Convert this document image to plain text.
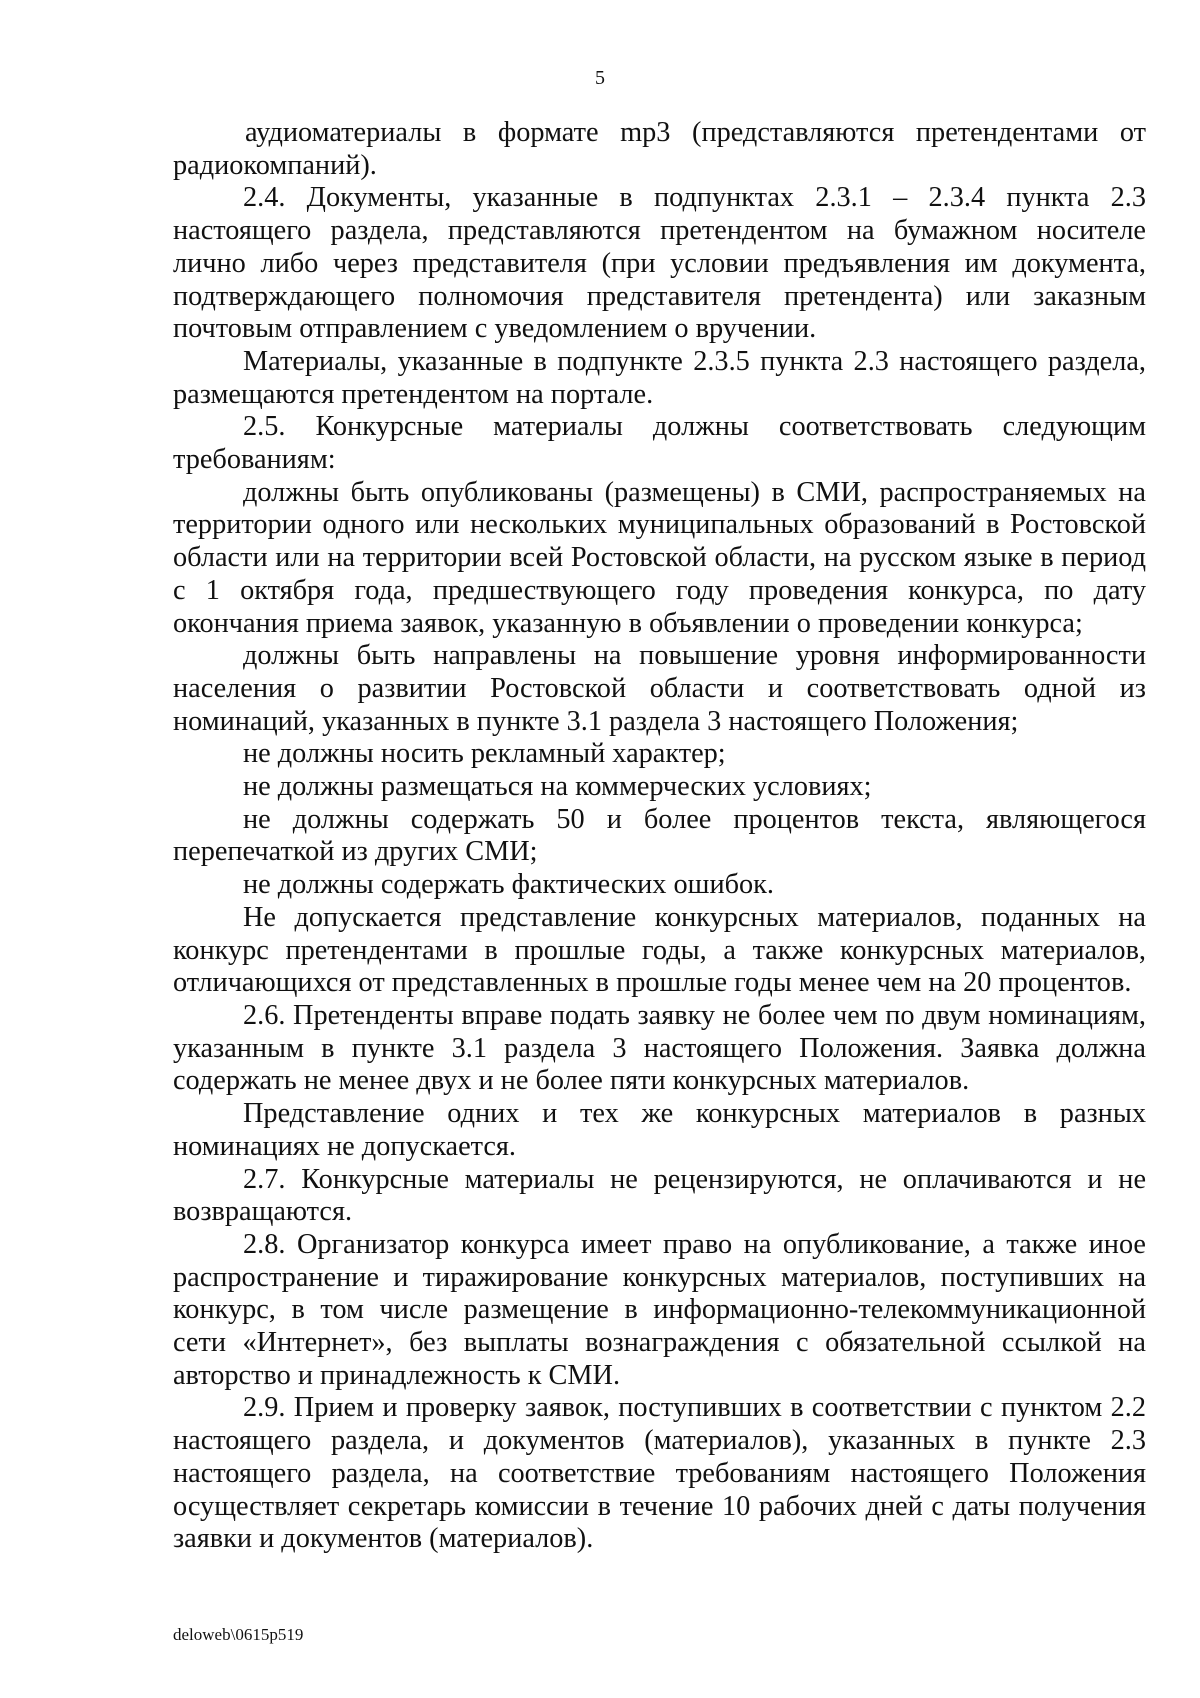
5

аудиоматериалы в формате mp3 (представляются претендентами от радиокомпаний).

2.4. Документы, указанные в подпунктах 2.3.1 – 2.3.4 пункта 2.3 настоящего раздела, представляются претендентом на бумажном носителе лично либо через представителя (при условии предъявления им документа, подтверждающего полномочия представителя претендента) или заказным почтовым отправлением с уведомлением о вручении.

Материалы, указанные в подпункте 2.3.5 пункта 2.3 настоящего раздела, размещаются претендентом на портале.

2.5. Конкурсные материалы должны соответствовать следующим требованиям:

должны быть опубликованы (размещены) в СМИ, распространяемых на территории одного или нескольких муниципальных образований в Ростовской области или на территории всей Ростовской области, на русском языке в период с 1 октября года, предшествующего году проведения конкурса, по дату окончания приема заявок, указанную в объявлении о проведении конкурса;

должны быть направлены на повышение уровня информированности населения о развитии Ростовской области и соответствовать одной из номинаций, указанных в пункте 3.1 раздела 3 настоящего Положения;

не должны носить рекламный характер;

не должны размещаться на коммерческих условиях;

не должны содержать 50 и более процентов текста, являющегося перепечаткой из других СМИ;

не должны содержать фактических ошибок.

Не допускается представление конкурсных материалов, поданных на конкурс претендентами в прошлые годы, а также конкурсных материалов, отличающихся от представленных в прошлые годы менее чем на 20 процентов.

2.6. Претенденты вправе подать заявку не более чем по двум номинациям, указанным в пункте 3.1 раздела 3 настоящего Положения. Заявка должна содержать не менее двух и не более пяти конкурсных материалов.

Представление одних и тех же конкурсных материалов в разных номинациях не допускается.

2.7. Конкурсные материалы не рецензируются, не оплачиваются и не возвращаются.

2.8. Организатор конкурса имеет право на опубликование, а также иное распространение и тиражирование конкурсных материалов, поступивших на конкурс, в том числе размещение в информационно-телекоммуникационной сети «Интернет», без выплаты вознаграждения с обязательной ссылкой на авторство и принадлежность к СМИ.

2.9. Прием и проверку заявок, поступивших в соответствии с пунктом 2.2 настоящего раздела, и документов (материалов), указанных в пункте 2.3 настоящего раздела, на соответствие требованиям настоящего Положения осуществляет секретарь комиссии в течение 10 рабочих дней с даты получения заявки и документов (материалов).

deloweb\0615p519
